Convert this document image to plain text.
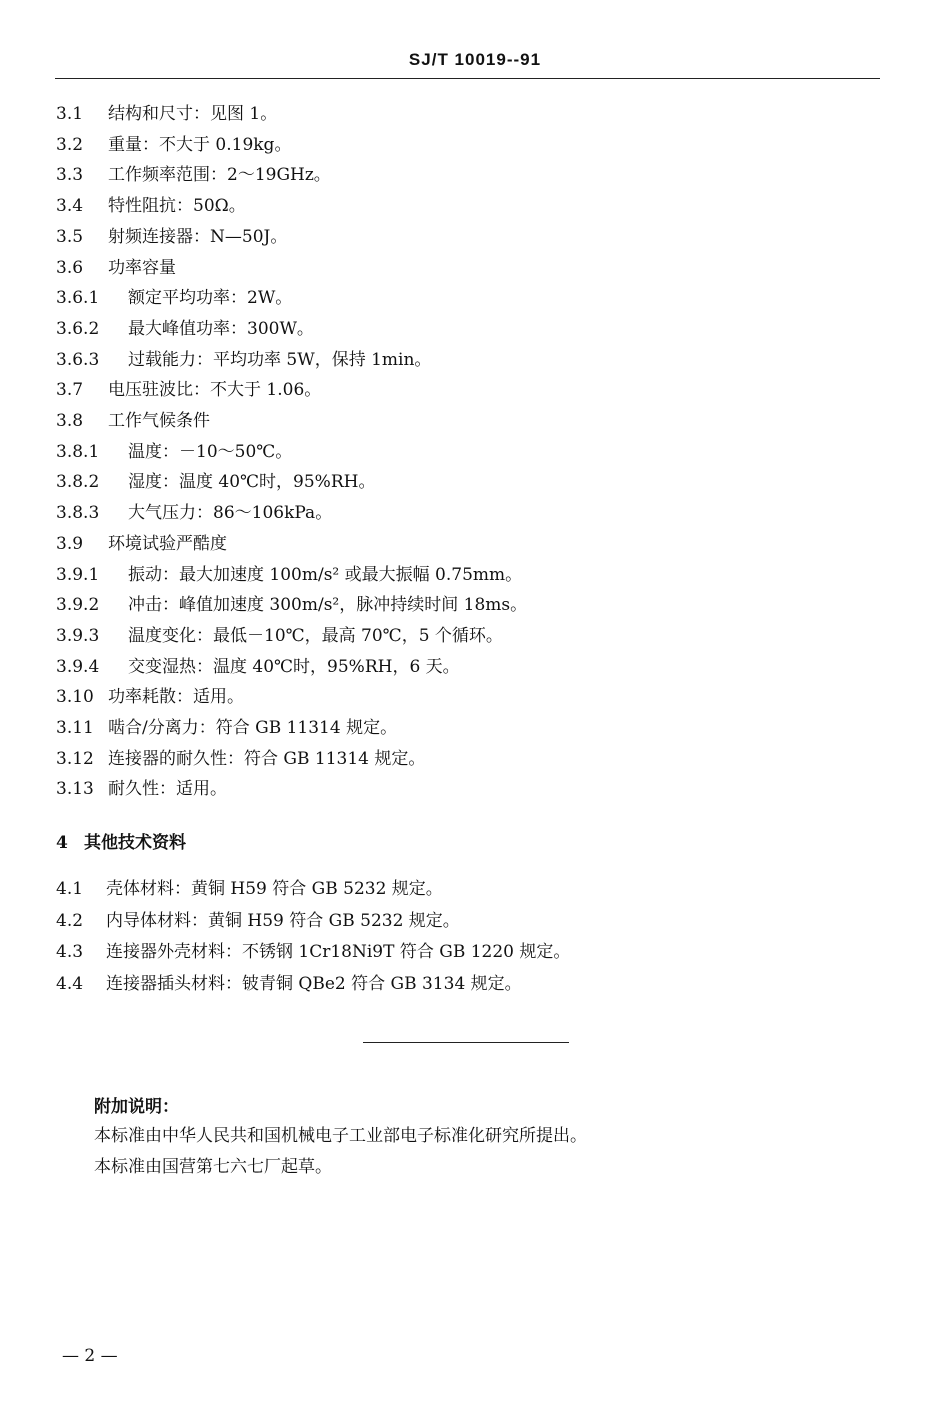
SJ/T 10019--91
3.1 结构和尺寸：见图 1。
3.2 重量：不大于 0.19kg。
3.3 工作频率范围：2～19GHz。
3.4 特性阻抗：50Ω。
3.5 射频连接器：N—50J。
3.6 功率容量
3.6.1 额定平均功率：2W。
3.6.2 最大峰值功率：300W。
3.6.3 过载能力：平均功率 5W，保持 1min。
3.7 电压驻波比：不大于 1.06。
3.8 工作气候条件
3.8.1 温度：－10～50℃。
3.8.2 湿度：温度 40℃时，95%RH。
3.8.3 大气压力：86～106kPa。
3.9 环境试验严酷度
3.9.1 振动：最大加速度 100m/s² 或最大振幅 0.75mm。
3.9.2 冲击：峰值加速度 300m/s²，脉冲持续时间 18ms。
3.9.3 温度变化：最低－10℃，最高 70℃，5 个循环。
3.9.4 交变湿热：温度 40℃时，95%RH，6 天。
3.10 功率耗散：适用。
3.11 啮合/分离力：符合 GB 11314 规定。
3.12 连接器的耐久性：符合 GB 11314 规定。
3.13 耐久性：适用。
4 其他技术资料
4.1 壳体材料：黄铜 H59 符合 GB 5232 规定。
4.2 内导体材料：黄铜 H59 符合 GB 5232 规定。
4.3 连接器外壳材料：不锈钢 1Cr18Ni9T 符合 GB 1220 规定。
4.4 连接器插头材料：铍青铜 QBe2 符合 GB 3134 规定。
附加说明：
本标准由中华人民共和国机械电子工业部电子标准化研究所提出。
本标准由国营第七六七厂起草。
— 2 —
